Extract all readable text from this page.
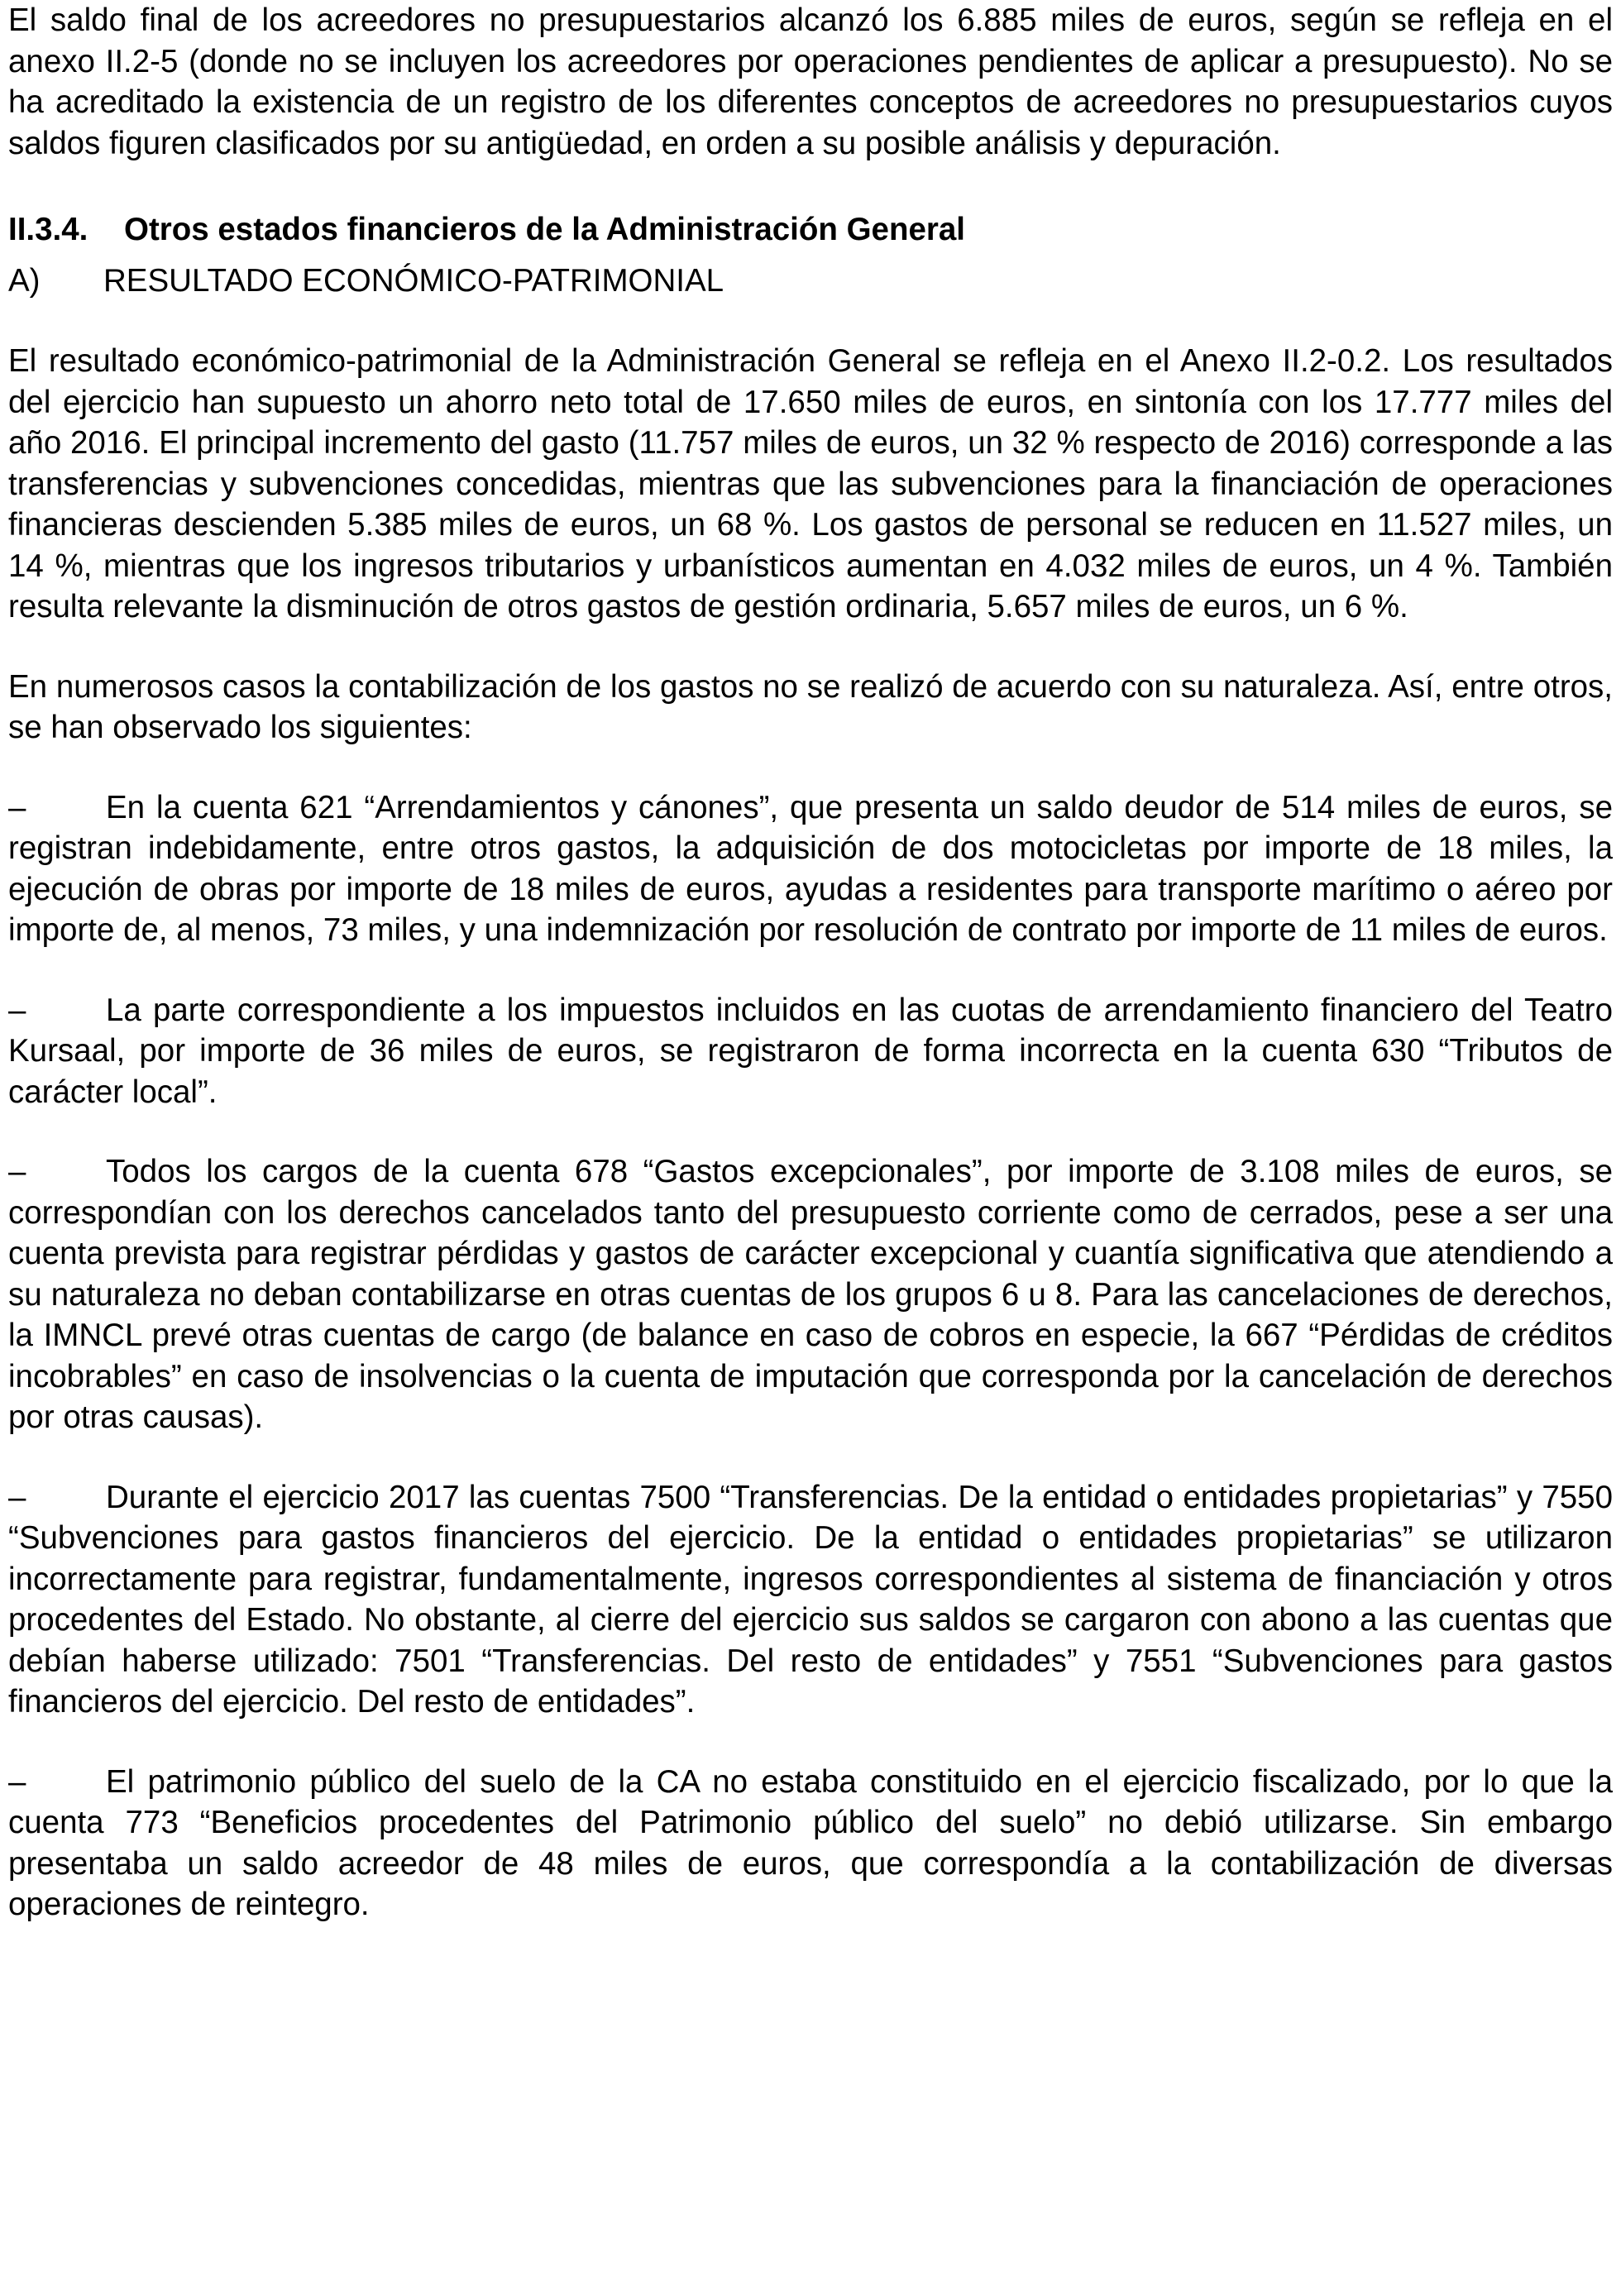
El saldo final de los acreedores no presupuestarios alcanzó los 6.885 miles de euros, según se refleja en el anexo II.2-5 (donde no se incluyen los acreedores por operaciones pendientes de aplicar a presupuesto). No se ha acreditado la existencia de un registro de los diferentes conceptos de acreedores no presupuestarios cuyos saldos figuren clasificados por su antigüedad, en orden a su posible análisis y depuración.

II.3.4. Otros estados financieros de la Administración General

A) RESULTADO ECONÓMICO-PATRIMONIAL

El resultado económico-patrimonial de la Administración General se refleja en el Anexo II.2-0.2. Los resultados del ejercicio han supuesto un ahorro neto total de 17.650 miles de euros, en sintonía con los 17.777 miles del año 2016. El principal incremento del gasto (11.757 miles de euros, un 32 % respecto de 2016) corresponde a las transferencias y subvenciones concedidas, mientras que las subvenciones para la financiación de operaciones financieras descienden 5.385 miles de euros, un 68 %. Los gastos de personal se reducen en 11.527 miles, un 14 %, mientras que los ingresos tributarios y urbanísticos aumentan en 4.032 miles de euros, un 4 %. También resulta relevante la disminución de otros gastos de gestión ordinaria, 5.657 miles de euros, un 6 %.

En numerosos casos la contabilización de los gastos no se realizó de acuerdo con su naturaleza. Así, entre otros, se han observado los siguientes:

–	En la cuenta 621 “Arrendamientos y cánones”, que presenta un saldo deudor de 514 miles de euros, se registran indebidamente, entre otros gastos, la adquisición de dos motocicletas por importe de 18 miles, la ejecución de obras por importe de 18 miles de euros, ayudas a residentes para transporte marítimo o aéreo por importe de, al menos, 73 miles, y una indemnización por resolución de contrato por importe de 11 miles de euros.

–	La parte correspondiente a los impuestos incluidos en las cuotas de arrendamiento financiero del Teatro Kursaal, por importe de 36 miles de euros, se registraron de forma incorrecta en la cuenta 630 “Tributos de carácter local”.

–	Todos los cargos de la cuenta 678 “Gastos excepcionales”, por importe de 3.108 miles de euros, se correspondían con los derechos cancelados tanto del presupuesto corriente como de cerrados, pese a ser una cuenta prevista para registrar pérdidas y gastos de carácter excepcional y cuantía significativa que atendiendo a su naturaleza no deban contabilizarse en otras cuentas de los grupos 6 u 8. Para las cancelaciones de derechos, la IMNCL prevé otras cuentas de cargo (de balance en caso de cobros en especie, la 667 “Pérdidas de créditos incobrables” en caso de insolvencias o la cuenta de imputación que corresponda por la cancelación de derechos por otras causas).

–	Durante el ejercicio 2017 las cuentas 7500 “Transferencias. De la entidad o entidades propietarias” y 7550 “Subvenciones para gastos financieros del ejercicio. De la entidad o entidades propietarias” se utilizaron incorrectamente para registrar, fundamentalmente, ingresos correspondientes al sistema de financiación y otros procedentes del Estado. No obstante, al cierre del ejercicio sus saldos se cargaron con abono a las cuentas que debían haberse utilizado: 7501 “Transferencias. Del resto de entidades” y 7551 “Subvenciones para gastos financieros del ejercicio. Del resto de entidades”.

–	El patrimonio público del suelo de la CA no estaba constituido en el ejercicio fiscalizado, por lo que la cuenta 773 “Beneficios procedentes del Patrimonio público del suelo” no debió utilizarse. Sin embargo presentaba un saldo acreedor de 48 miles de euros, que correspondía a la contabilización de diversas operaciones de reintegro.
